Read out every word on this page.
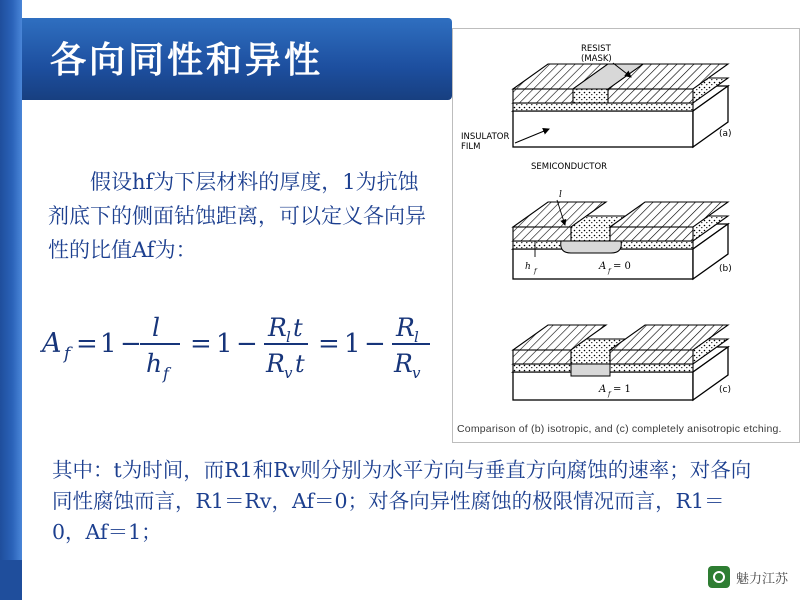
各向同性和异性
(a)
RESIST
(MASK)
INSULATOR
FILM
SEMICONDUCTOR
(b)
l
h f	A f = 0
(c)
A f = 1
Comparison of (b) isotropic, and (c) completely anisotropic etching.
假设hf为下层材料的厚度，1为抗蚀剂底下的侧面钻蚀距离，可以定义各向异性的比值Af为：
A f = 1 −
l
h f
= 1 −
R l t
R v t
= 1 −
R l
R v
其中：t为时间，而R1和Rv则分别为水平方向与垂直方向腐蚀的速率；对各向同性腐蚀而言，R1＝Rv，Af＝0；对各向异性腐蚀的极限情况而言，R1＝0，Af＝1；
魅力江苏
